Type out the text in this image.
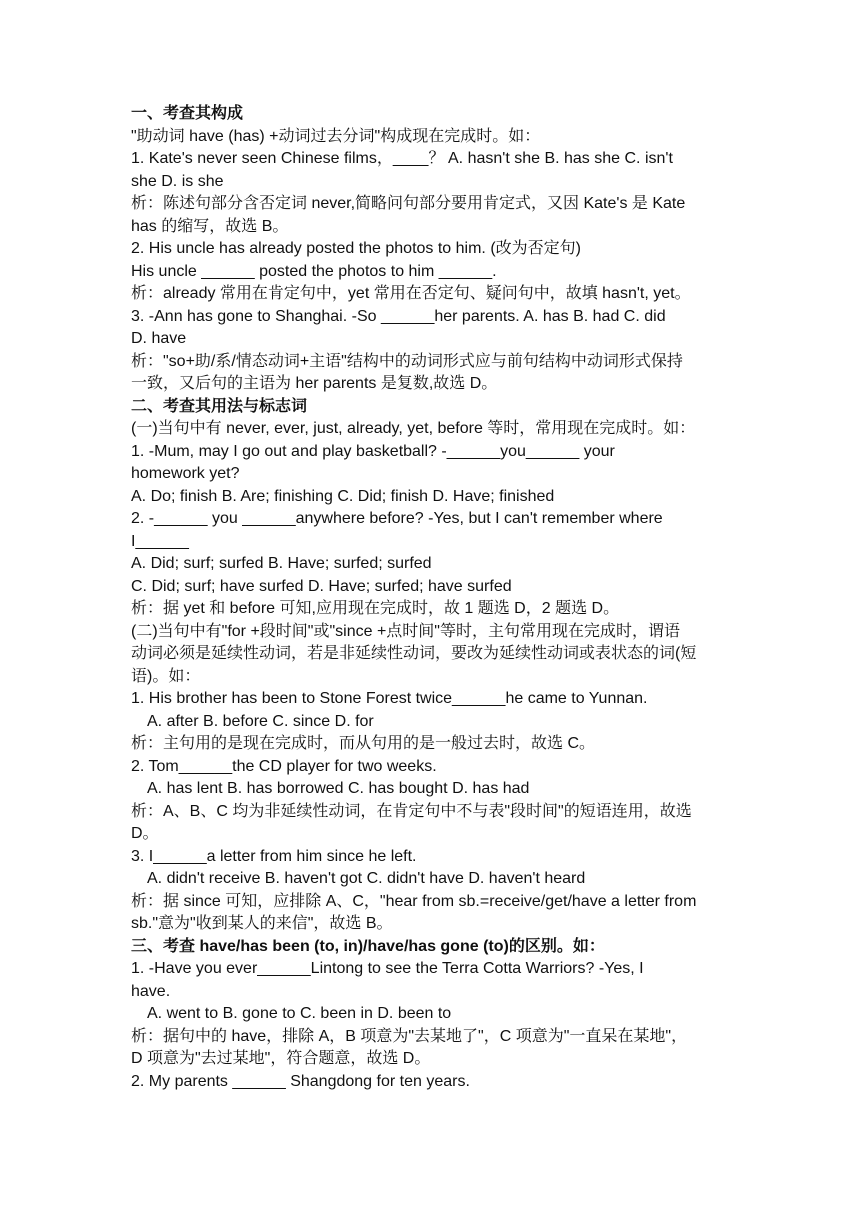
一、考查其构成

"助动词 have (has) +动词过去分词"构成现在完成时。如：

1. Kate's never seen Chinese films，____？ A. hasn't she B. has she C. isn't

she D. is she

析：陈述句部分含否定词 never,简略问句部分要用肯定式，又因 Kate's 是 Kate

has 的缩写，故选 B。

2. His uncle has already posted the photos to him. (改为否定句)

His uncle ______ posted the photos to him ______.

析：already 常用在肯定句中，yet 常用在否定句、疑问句中，故填 hasn't, yet。

3. -Ann has gone to Shanghai. -So ______her parents. A. has B. had C. did

D. have

析："so+助/系/情态动词+主语"结构中的动词形式应与前句结构中动词形式保持

一致，又后句的主语为 her parents 是复数,故选 D。

二、考查其用法与标志词

(一)当句中有 never, ever, just, already, yet, before 等时，常用现在完成时。如：

1. -Mum, may I go out and play basketball? -______you______ your

homework yet?

A. Do; finish B. Are; finishing C. Did; finish D. Have; finished

2. -______ you ______anywhere before? -Yes, but I can't remember where

I______

A. Did; surf; surfed B. Have; surfed; surfed

C. Did; surf; have surfed D. Have; surfed; have surfed

析：据 yet 和 before 可知,应用现在完成时，故 1 题选 D，2 题选 D。

(二)当句中有"for +段时间"或"since +点时间"等时，主句常用现在完成时，谓语

动词必须是延续性动词，若是非延续性动词，要改为延续性动词或表状态的词(短

语)。如：

1. His brother has been to Stone Forest twice______he came to Yunnan.

A. after B. before C. since D. for

析：主句用的是现在完成时，而从句用的是一般过去时，故选 C。

2. Tom______the CD player for two weeks.

A. has lent B. has borrowed C. has bought D. has had

析：A、B、C 均为非延续性动词，在肯定句中不与表"段时间"的短语连用，故选

D。

3. I______a letter from him since he left.

A. didn't receive B. haven't got C. didn't have D. haven't heard

析：据 since 可知，应排除 A、C，"hear from sb.=receive/get/have a letter from

sb."意为"收到某人的来信"，故选 B。

三、考查 have/has been (to, in)/have/has gone (to)的区别。如：

1. -Have you ever______Lintong to see the Terra Cotta Warriors? -Yes, I

have.

A. went to B. gone to C. been in D. been to

析：据句中的 have，排除 A，B 项意为"去某地了"，C 项意为"一直呆在某地"，

D 项意为"去过某地"，符合题意，故选 D。

2. My parents ______ Shangdong for ten years.
